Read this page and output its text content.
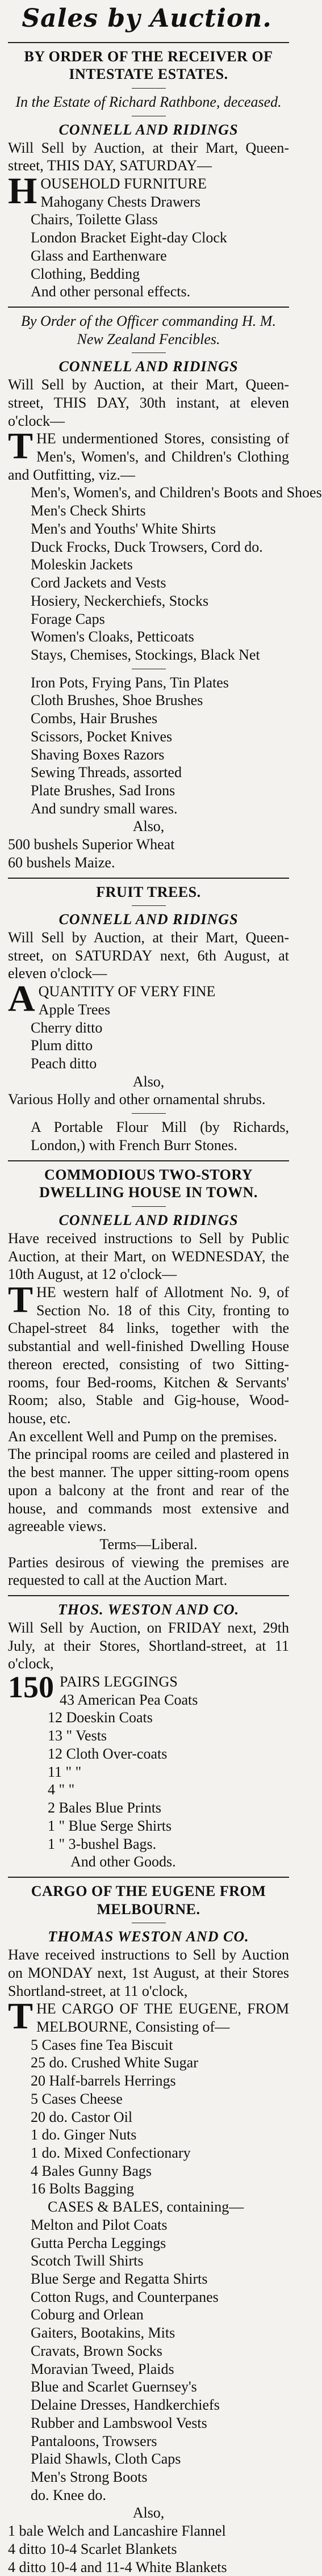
Sales by Auction.

BY ORDER OF THE RECEIVER OF INTESTATE ESTATES.

In the Estate of Richard Rathbone, deceased.

CONNELL AND RIDINGS

Will Sell by Auction, at their Mart, Queen-street, THIS DAY, SATURDAY—

HOUSEHOLD FURNITURE

Mahogany Chests Drawers

Chairs, Toilette Glass

London Bracket Eight-day Clock

Glass and Earthenware

Clothing, Bedding

And other personal effects.

By Order of the Officer commanding H. M. New Zealand Fencibles.

CONNELL AND RIDINGS

Will Sell by Auction, at their Mart, Queen-street, THIS DAY, 30th instant, at eleven o'clock—

THE undermentioned Stores, consisting of Men's, Women's, and Children's Clothing and Outfitting, viz.—

Men's, Women's, and Children's Boots and Shoes

Men's Check Shirts

Men's and Youths' White Shirts

Duck Frocks, Duck Trowsers, Cord do.

Moleskin Jackets

Cord Jackets and Vests

Hosiery, Neckerchiefs, Stocks

Forage Caps

Women's Cloaks, Petticoats

Stays, Chemises, Stockings, Black Net

Iron Pots, Frying Pans, Tin Plates

Cloth Brushes, Shoe Brushes

Combs, Hair Brushes

Scissors, Pocket Knives

Shaving Boxes Razors

Sewing Threads, assorted

Plate Brushes, Sad Irons

And sundry small wares.

Also,

500 bushels Superior Wheat

60 bushels Maize.

FRUIT TREES.

CONNELL AND RIDINGS

Will Sell by Auction, at their Mart, Queen-street, on SATURDAY next, 6th August, at eleven o'clock—

AQUANTITY OF VERY FINE

Apple Trees

Cherry ditto

Plum ditto

Peach ditto

Also,

Various Holly and other ornamental shrubs.

A Portable Flour Mill (by Richards, London,) with French Burr Stones.

COMMODIOUS TWO-STORY DWELLING HOUSE IN TOWN.

CONNELL AND RIDINGS

Have received instructions to Sell by Public Auction, at their Mart, on WEDNESDAY, the 10th August, at 12 o'clock—

THE western half of Allotment No. 9, of Section No. 18 of this City, fronting to Chapel-street 84 links, together with the substantial and well-finished Dwelling House thereon erected, consisting of two Sitting-rooms, four Bed-rooms, Kitchen & Servants' Room; also, Stable and Gig-house, Wood-house, etc.

An excellent Well and Pump on the premises.

The principal rooms are ceiled and plastered in the best manner. The upper sitting-room opens upon a balcony at the front and rear of the house, and commands most extensive and agreeable views.

Terms—Liberal.

Parties desirous of viewing the premises are requested to call at the Auction Mart.

THOS. WESTON AND CO.

Will Sell by Auction, on FRIDAY next, 29th July, at their Stores, Shortland-street, at 11 o'clock,

150 PAIRS LEGGINGS

43 American Pea Coats

12 Doeskin Coats

13 " Vests

12 Cloth Over-coats

11 " "

4 " "

2 Bales Blue Prints

1 " Blue Serge Shirts

1 " 3-bushel Bags.

And other Goods.

CARGO OF THE EUGENE FROM MELBOURNE.

THOMAS WESTON AND CO.

Have received instructions to Sell by Auction on MONDAY next, 1st August, at their Stores Shortland-street, at 11 o'clock,

THE CARGO OF THE EUGENE, FROM MELBOURNE, Consisting of—

5 Cases fine Tea Biscuit

25 do. Crushed White Sugar

20 Half-barrels Herrings

5 Cases Cheese

20 do. Castor Oil

1 do. Ginger Nuts

1 do. Mixed Confectionary

4 Bales Gunny Bags

16 Bolts Bagging

CASES & BALES, containing—

Melton and Pilot Coats

Gutta Percha Leggings

Scotch Twill Shirts

Blue Serge and Regatta Shirts

Cotton Rugs, and Counterpanes

Coburg and Orlean

Gaiters, Bootakins, Mits

Cravats, Brown Socks

Moravian Tweed, Plaids

Blue and Scarlet Guernsey's

Delaine Dresses, Handkerchiefs

Rubber and Lambswool Vests

Pantaloons, Trowsers

Plaid Shawls, Cloth Caps

Men's Strong Boots

do. Knee do.

Also,

1 bale Welch and Lancashire Flannel

4 ditto 10-4 Scarlet Blankets

4 ditto 10-4 and 11-4 White Blankets
